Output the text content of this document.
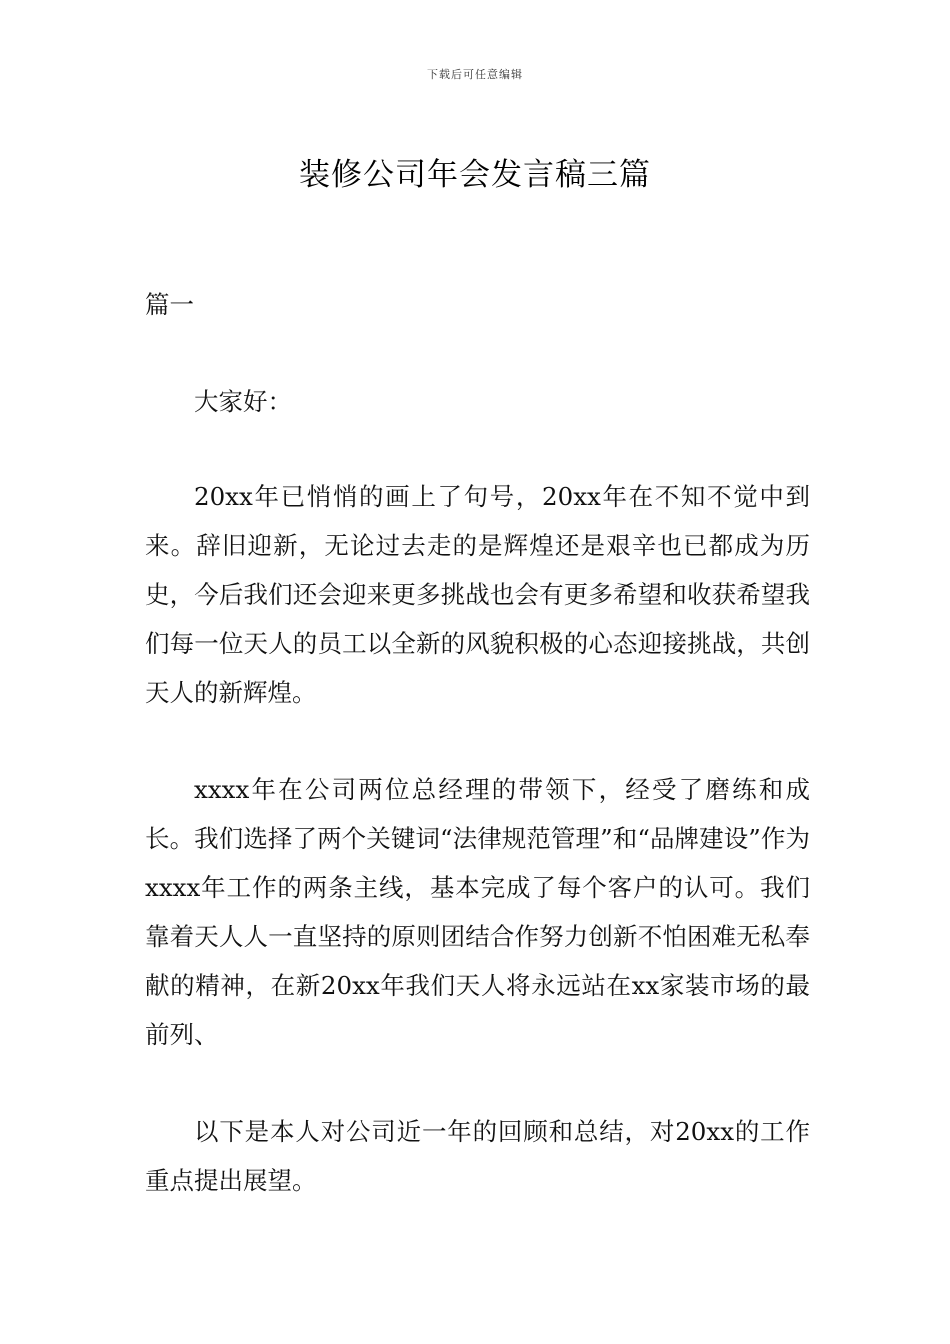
下载后可任意编辑
装修公司年会发言稿三篇

篇一

大家好：

20xx年已悄悄的画上了句号，20xx年在不知不觉中到来。辞旧迎新，无论过去走的是辉煌还是艰辛也已都成为历史，今后我们还会迎来更多挑战也会有更多希望和收获希望我们每一位天人的员工以全新的风貌积极的心态迎接挑战，共创天人的新辉煌。

xxxx年在公司两位总经理的带领下，经受了磨练和成长。我们选择了两个关键词“法律规范管理”和“品牌建设”作为xxxx年工作的两条主线，基本完成了每个客户的认可。我们靠着天人人一直坚持的原则团结合作努力创新不怕困难无私奉献的精神，在新20xx年我们天人将永远站在xx家装市场的最前列、

以下是本人对公司近一年的回顾和总结，对20xx的工作重点提出展望。
